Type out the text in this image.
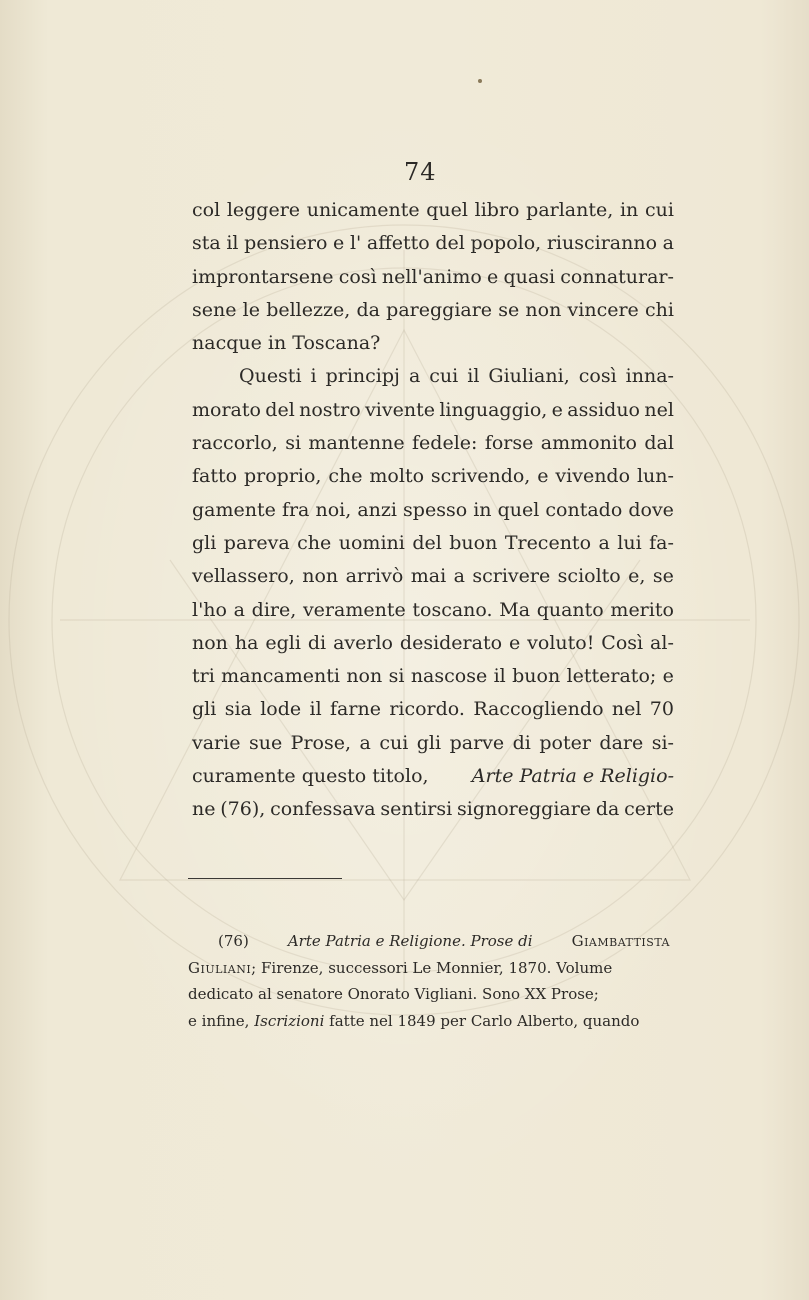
74
col leggere unicamente quel libro parlante, in cui
sta il pensiero e l' affetto del popolo, riusciranno a
improntarsene così nell'animo e quasi connaturar-
sene le bellezze, da pareggiare se non vincere chi
nacque in Toscana?
Questi i principj a cui il Giuliani, così inna-
morato del nostro vivente linguaggio, e assiduo nel
raccorlo, si mantenne fedele: forse ammonito dal
fatto proprio, che molto scrivendo, e vivendo lun-
gamente fra noi, anzi spesso in quel contado dove
gli pareva che uomini del buon Trecento a lui fa-
vellassero, non arrivò mai a scrivere sciolto e, se
l'ho a dire, veramente toscano. Ma quanto merito
non ha egli di averlo desiderato e voluto! Così al-
tri mancamenti non si nascose il buon letterato; e
gli sia lode il farne ricordo. Raccogliendo nel 70
varie sue Prose, a cui gli parve di poter dare si-
curamente questo titolo, Arte Patria e Religio-
ne (76), confessava sentirsi signoreggiare da certe
(76)	Arte Patria e Religione. Prose di	Giambattista
Giuliani; Firenze, successori Le Monnier, 1870. Volume
dedicato al senatore Onorato Vigliani. Sono XX Prose;
e infine, Iscrizioni fatte nel 1849 per Carlo Alberto, quando
